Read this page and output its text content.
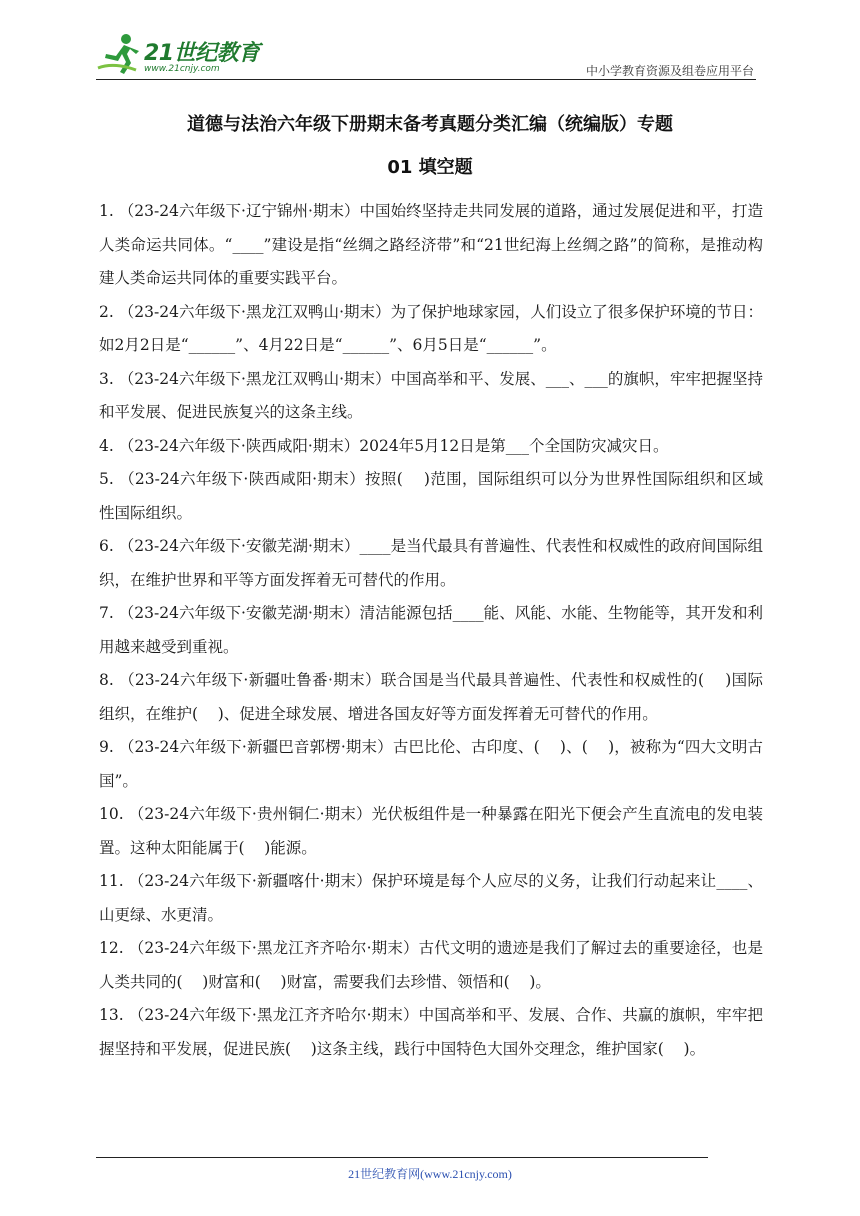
21世纪教育
www.21cnjy.com	中小学教育资源及组卷应用平台
道德与法治六年级下册期末备考真题分类汇编（统编版）专题
01 填空题

1. （23-24六年级下·辽宁锦州·期末）中国始终坚持走共同发展的道路，通过发展促进和平，打造人类命运共同体。“____”建设是指“丝绸之路经济带”和“21世纪海上丝绸之路”的简称，是推动构建人类命运共同体的重要实践平台。

2. （23-24六年级下·黑龙江双鸭山·期末）为了保护地球家园，人们设立了很多保护环境的节日：如2月2日是“______”、4月22日是“______”、6月5日是“______”。

3. （23-24六年级下·黑龙江双鸭山·期末）中国高举和平、发展、___、___的旗帜，牢牢把握坚持和平发展、促进民族复兴的这条主线。

4. （23-24六年级下·陕西咸阳·期末）2024年5月12日是第___个全国防灾减灾日。

5. （23-24六年级下·陕西咸阳·期末）按照(    )范围，国际组织可以分为世界性国际组织和区域性国际组织。

6. （23-24六年级下·安徽芜湖·期末）____是当代最具有普遍性、代表性和权威性的政府间国际组织，在维护世界和平等方面发挥着无可替代的作用。

7. （23-24六年级下·安徽芜湖·期末）清洁能源包括____能、风能、水能、生物能等，其开发和利用越来越受到重视。

8. （23-24六年级下·新疆吐鲁番·期末）联合国是当代最具普遍性、代表性和权威性的(    )国际组织，在维护(    )、促进全球发展、增进各国友好等方面发挥着无可替代的作用。

9. （23-24六年级下·新疆巴音郭楞·期末）古巴比伦、古印度、(    )、(    )，被称为“四大文明古国”。

10. （23-24六年级下·贵州铜仁·期末）光伏板组件是一种暴露在阳光下便会产生直流电的发电装置。这种太阳能属于(    )能源。

11. （23-24六年级下·新疆喀什·期末）保护环境是每个人应尽的义务，让我们行动起来让____、  山更绿、水更清。

12. （23-24六年级下·黑龙江齐齐哈尔·期末）古代文明的遗迹是我们了解过去的重要途径，也是人类共同的(    )财富和(    )财富，需要我们去珍惜、领悟和(    )。

13. （23-24六年级下·黑龙江齐齐哈尔·期末）中国高举和平、发展、合作、共赢的旗帜，牢牢把握坚持和平发展，促进民族(    )这条主线，践行中国特色大国外交理念，维护国家(    )。

21世纪教育网(www.21cnjy.com)
